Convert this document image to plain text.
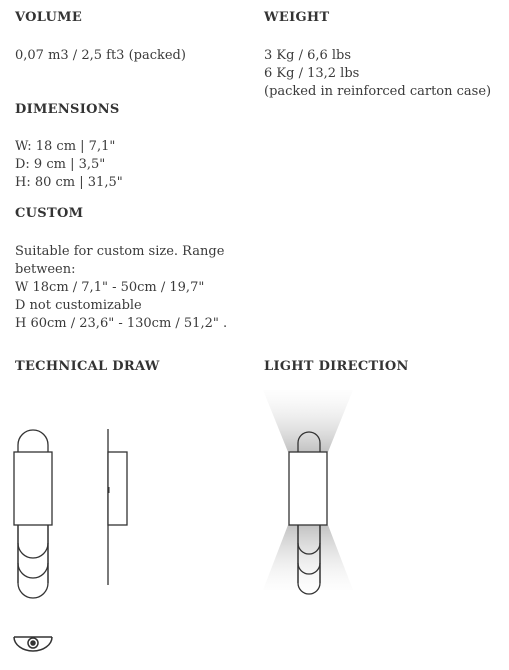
VOLUME
0,07 m3 / 2,5 ft3 (packed)
WEIGHT
3 Kg / 6,6 lbs
6 Kg / 13,2 lbs
(packed in reinforced carton case)
DIMENSIONS
W: 18 cm | 7,1"
D: 9 cm | 3,5"
H: 80 cm | 31,5"
CUSTOM
Suitable for custom size. Range
between:
W 18cm / 7,1" - 50cm / 19,7"
D not customizable
H 60cm / 23,6" - 130cm / 51,2" .
TECHNICAL DRAW	LIGHT DIRECTION
